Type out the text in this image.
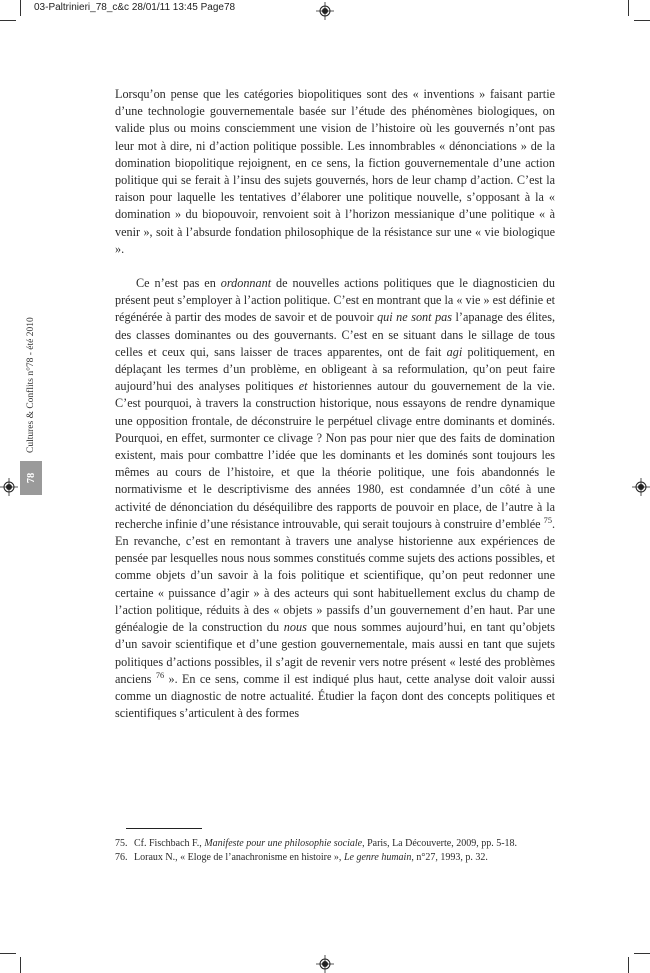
03-Paltrinieri_78_c&c 28/01/11 13:45 Page78
78
Cultures & Conflits n°78 - été 2010

Lorsqu’on pense que les catégories biopolitiques sont des « inventions » faisant partie d’une technologie gouvernementale basée sur l’étude des phénomènes biologiques, on valide plus ou moins consciemment une vision de l’histoire où les gouvernés n’ont pas leur mot à dire, ni d’action politique possible. Les innombrables « dénonciations » de la domination biopolitique rejoignent, en ce sens, la fiction gouvernementale d’une action politique qui se ferait à l’insu des sujets gouvernés, hors de leur champ d’action. C’est la raison pour laquelle les tentatives d’élaborer une politique nouvelle, s’opposant à la « domination » du biopouvoir, renvoient soit à l’horizon messianique d’une politique « à venir », soit à l’absurde fondation philosophique de la résistance sur une « vie biologique ».

Ce n’est pas en ordonnant de nouvelles actions politiques que le diagnosticien du présent peut s’employer à l’action politique. C’est en montrant que la « vie » est définie et régénérée à partir des modes de savoir et de pouvoir qui ne sont pas l’apanage des élites, des classes dominantes ou des gouvernants. C’est en se situant dans le sillage de tous celles et ceux qui, sans laisser de traces apparentes, ont de fait agi politiquement, en déplaçant les termes d’un problème, en obligeant à sa reformulation, qu’on peut faire aujourd’hui des analyses politiques et historiennes autour du gouvernement de la vie. C’est pourquoi, à travers la construction historique, nous essayons de rendre dynamique une opposition frontale, de déconstruire le perpétuel clivage entre dominants et dominés. Pourquoi, en effet, surmonter ce clivage ? Non pas pour nier que des faits de domination existent, mais pour combattre l’idée que les dominants et les dominés sont toujours les mêmes au cours de l’histoire, et que la théorie politique, une fois abandonnés le normativisme et le descriptivisme des années 1980, est condamnée d’un côté à une activité de dénonciation du déséquilibre des rapports de pouvoir en place, de l’autre à la recherche infinie d’une résistance introuvable, qui serait toujours à construire d’emblée $^{75}$. En revanche, c’est en remontant à travers une analyse historienne aux expériences de pensée par lesquelles nous nous sommes constitués comme sujets des actions possibles, et comme objets d’un savoir à la fois politique et scientifique, qu’on peut redonner une certaine « puissance d’agir » à des acteurs qui sont habituellement exclus du champ de l’action politique, réduits à des « objets » passifs d’un gouvernement d’en haut. Par une généalogie de la construction du nous que nous sommes aujourd’hui, en tant qu’objets d’un savoir scientifique et d’une gestion gouvernementale, mais aussi en tant que sujets politiques d’actions possibles, il s’agit de revenir vers notre présent « lesté des problèmes anciens $^{76}$ ». En ce sens, comme il est indiqué plus haut, cette analyse doit valoir aussi comme un diagnostic de notre actualité. Étudier la façon dont des concepts politiques et scientifiques s’articulent à des formes

75. Cf. Fischbach F., Manifeste pour une philosophie sociale, Paris, La Découverte, 2009, pp. 5-18.
76. Loraux N., « Eloge de l’anachronisme en histoire », Le genre humain, n°27, 1993, p. 32.
